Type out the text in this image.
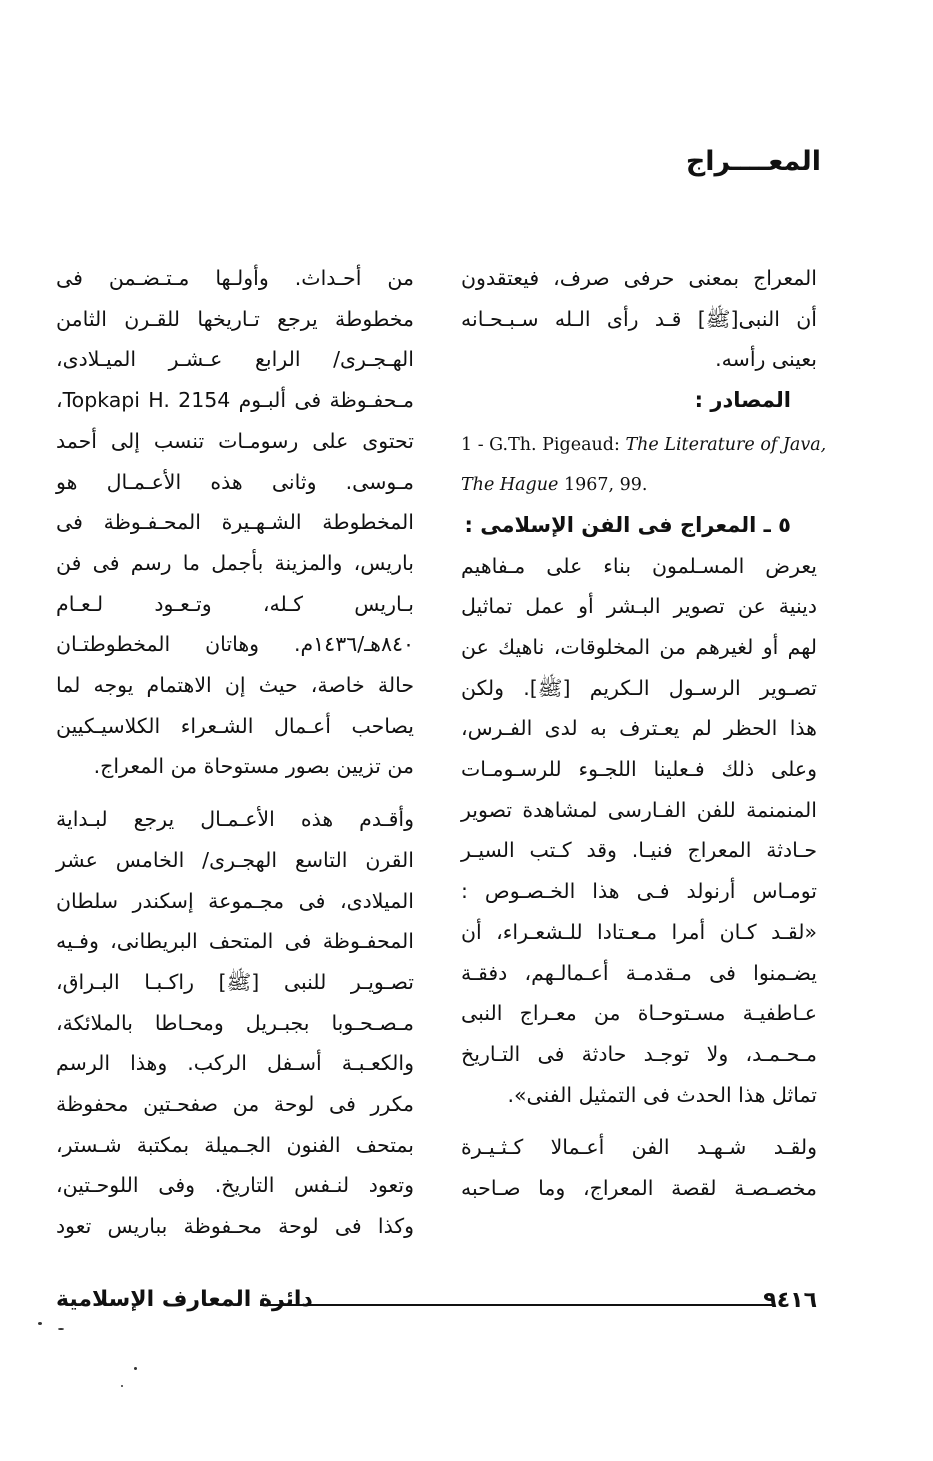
المعــــراج

المعراج بمعنى حرفى صرف، فيعتقدون
أن النبى[ﷺ] قـد رأى الـله سـبـحـانه
بعينى رأسه.

المصادر :

1 - G.Th. Pigeaud: The Literature of Java,
The Hague 1967, 99.

٥ ـ المعراج فى الفن الإسلامى :

يعرض المسـلمون بناء على مـفاهيم
دينية عن تصوير البـشر أو عمل تماثيل
لهم أو لغيرهم من المخلوقات، ناهيك عن
تصـوير الرسـول الـكريم [ﷺ]. ولكن
هذا الحظر لم يعـترف به لدى الفـرس،
وعلى ذلك فـعلينا اللجـوء للرسـومـات
المنمنمة للفن الفـارسى لمشاهدة تصوير
حـادثة المعراج فنيـا. وقد كـتب السيـر
تومـاس أرنولد فـى هذا الخـصـوص :
«لقـد كـان أمرا مـعـتادا للـشعـراء، أن
يضـمنوا فى مـقدمـة أعـمالـهم، دفقـة
عـاطفيـة مسـتوحـاة من معـراج النبى
مـحـمـد، ولا توجـد حادثة فى التـاريخ
تماثل هذا الحدث فى التمثيل الفنى».

ولقـد شـهـد الفن أعـمالا كـثـيـرة
مخصـصـة لقصة المعراج، وما صـاحبه

من أحـداث. وأولـها مـتـضـمن فى
مخطوطة يرجع تـاريخها للقـرن الثامن
الهـجـرى/ الرابع عـشـر الميـلادى،
مـحفـوظة فى ألبـوم Topkapi H. 2154،
تحتوى على رسومـات تنسب إلى أحمد
مـوسى. وثانى هذه الأعـمـال هو
المخطوطة الشـهـيرة المحـفـوظة فى
باريس، والمزينة بأجمل ما رسم فى فن
بـاريس كـله، وتـعـود لـعـام
٨٤٠هـ/١٤٣٦م. وهاتان المخطوطتـان
حالة خاصة، حيث إن الاهتمام يوجه لما
يصاحب أعـمال الشـعراء الكلاسيـكيين
من تزيين بصور مستوحاة من المعراج.

وأقـدم هذه الأعـمـال يرجع لبـداية
القرن التاسع الهجـرى/ الخامس عشر
الميلادى، فى مجـموعة إسكندر سلطان
المحفـوظة فى المتحف البريطانى، وفـيه
تصـويـر للنبى [ﷺ] راكـبـا البـراق،
مـصـحـوبا بجبـريل ومحـاطا بالملائكة،
والكعـبـة أسـفل الركب. وهذا الرسم
مكرر فى لوحة من صفحـتين محفوظة
بمتحف الفنون الجـميلة بمكتبة شـستر،
وتعود لنـفس التاريخ. وفى اللوحـتين،
وكذا فى لوحة محـفوظة بباريس تعود

٩٤١٦
دائرة المعارف الإسلامية
